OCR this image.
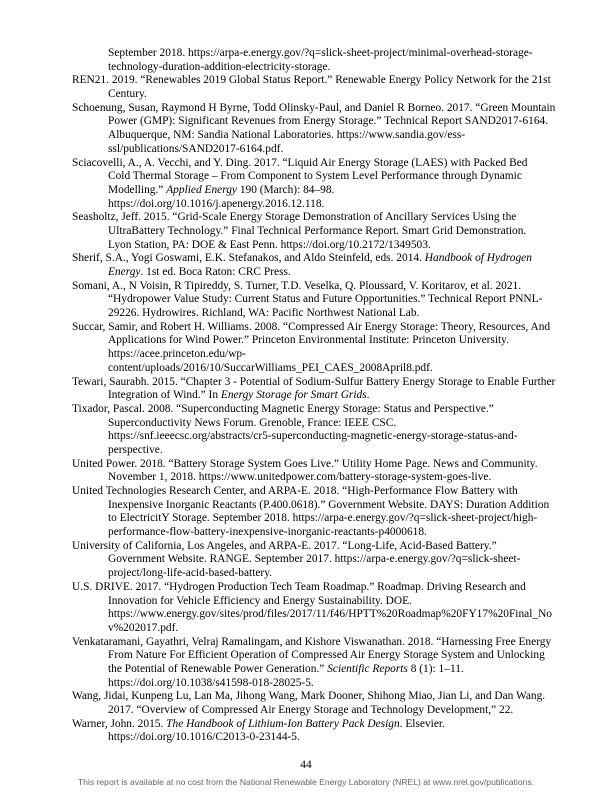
September 2018. https://arpa-e.energy.gov/?q=slick-sheet-project/minimal-overhead-storage-
technology-duration-addition-electricity-storage.
REN21. 2019. “Renewables 2019 Global Status Report.” Renewable Energy Policy Network for the 21st
Century.
Schoenung, Susan, Raymond H Byrne, Todd Olinsky-Paul, and Daniel R Borneo. 2017. “Green Mountain
Power (GMP): Significant Revenues from Energy Storage.” Technical Report SAND2017-6164.
Albuquerque, NM: Sandia National Laboratories. https://www.sandia.gov/ess-
ssl/publications/SAND2017-6164.pdf.
Sciacovelli, A., A. Vecchi, and Y. Ding. 2017. “Liquid Air Energy Storage (LAES) with Packed Bed
Cold Thermal Storage – From Component to System Level Performance through Dynamic
Modelling.” Applied Energy 190 (March): 84–98.
https://doi.org/10.1016/j.apenergy.2016.12.118.
Seasholtz, Jeff. 2015. “Grid-Scale Energy Storage Demonstration of Ancillary Services Using the
UltraBattery Technology.” Final Technical Performance Report. Smart Grid Demonstration.
Lyon Station, PA: DOE & East Penn. https://doi.org/10.2172/1349503.
Sherif, S.A., Yogi Goswami, E.K. Stefanakos, and Aldo Steinfeld, eds. 2014. Handbook of Hydrogen
Energy. 1st ed. Boca Raton: CRC Press.
Somani, A., N Voisin, R Tipireddy, S. Turner, T.D. Veselka, Q. Ploussard, V. Koritarov, et al. 2021.
“Hydropower Value Study: Current Status and Future Opportunities.” Technical Report PNNL-
29226. Hydrowires. Richland, WA: Pacific Northwest National Lab.
Succar, Samir, and Robert H. Williams. 2008. “Compressed Air Energy Storage: Theory, Resources, And
Applications for Wind Power.” Princeton Environmental Institute: Princeton University.
https://acee.princeton.edu/wp-
content/uploads/2016/10/SuccarWilliams_PEI_CAES_2008April8.pdf.
Tewari, Saurabh. 2015. “Chapter 3 - Potential of Sodium-Sulfur Battery Energy Storage to Enable Further
Integration of Wind.” In Energy Storage for Smart Grids.
Tixador, Pascal. 2008. “Superconducting Magnetic Energy Storage: Status and Perspective.”
Superconductivity News Forum. Grenoble, France: IEEE CSC.
https://snf.ieeecsc.org/abstracts/cr5-superconducting-magnetic-energy-storage-status-and-
perspective.
United Power. 2018. “Battery Storage System Goes Live.” Utility Home Page. News and Community.
November 1, 2018. https://www.unitedpower.com/battery-storage-system-goes-live.
United Technologies Research Center, and ARPA-E. 2018. “High-Performance Flow Battery with
Inexpensive Inorganic Reactants (P.400.0618).” Government Website. DAYS: Duration Addition
to ElectricitY Storage. September 2018. https://arpa-e.energy.gov/?q=slick-sheet-project/high-
performance-flow-battery-inexpensive-inorganic-reactants-p4000618.
University of California, Los Angeles, and ARPA-E. 2017. “Long-Life, Acid-Based Battery.”
Government Website. RANGE. September 2017. https://arpa-e.energy.gov/?q=slick-sheet-
project/long-life-acid-based-battery.
U.S. DRIVE. 2017. “Hydrogen Production Tech Team Roadmap.” Roadmap. Driving Research and
Innovation for Vehicle Efficiency and Energy Sustainability. DOE.
https://www.energy.gov/sites/prod/files/2017/11/f46/HPTT%20Roadmap%20FY17%20Final_No
v%202017.pdf.
Venkataramani, Gayathri, Velraj Ramalingam, and Kishore Viswanathan. 2018. “Harnessing Free Energy
From Nature For Efficient Operation of Compressed Air Energy Storage System and Unlocking
the Potential of Renewable Power Generation.” Scientific Reports 8 (1): 1–11.
https://doi.org/10.1038/s41598-018-28025-5.
Wang, Jidai, Kunpeng Lu, Lan Ma, Jihong Wang, Mark Dooner, Shihong Miao, Jian Li, and Dan Wang.
2017. “Overview of Compressed Air Energy Storage and Technology Development,” 22.
Warner, John. 2015. The Handbook of Lithium-Ion Battery Pack Design. Elsevier.
https://doi.org/10.1016/C2013-0-23144-5.
44
This report is available at no cost from the National Renewable Energy Laboratory (NREL) at www.nrel.gov/publications.
